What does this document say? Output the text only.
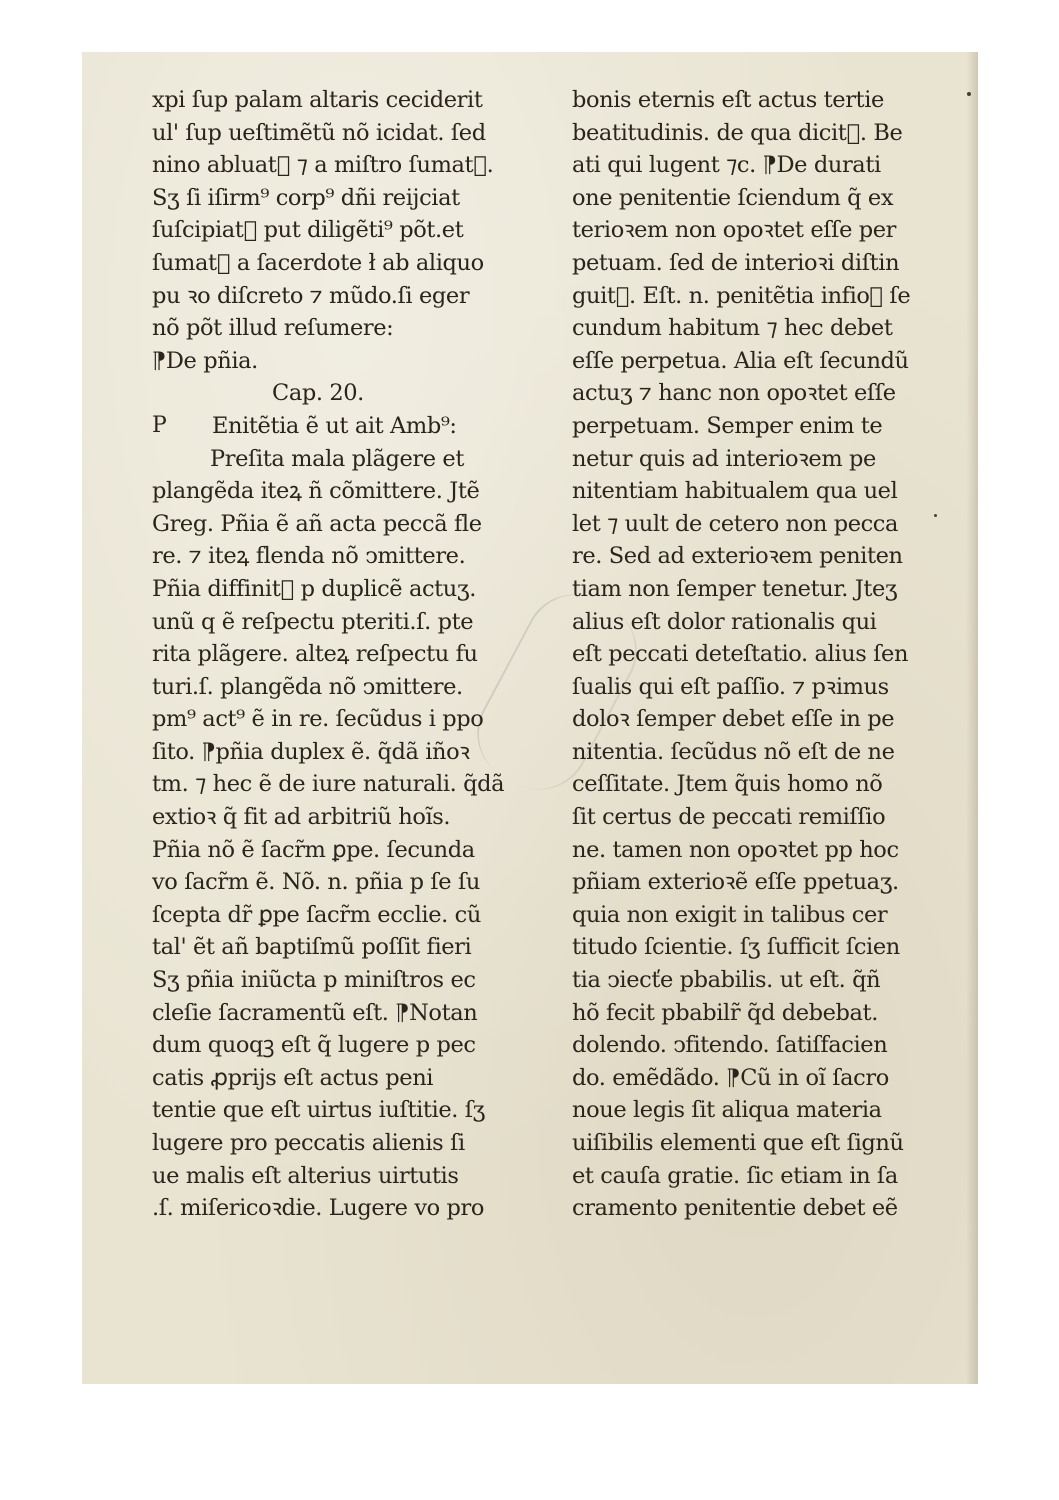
xpi ſup palam altaris ceciderit
ul' ſup ueſtimẽtũ nõ icidat. ſed
nino abluat᷑ ⁊ a miſtro ſumat᷑.
Sʒ ſi iſirm⁹ corp⁹ dñi reijciat
ſuſcipiat᷑ put diligẽti⁹ põt.et
ſumat᷑ a ſacerdote ł ab aliquo
pu ꝛo diſcreto ⁊ mũdo.ſi eger
nõ põt illud reſumere:
⁋De pñia.
Cap. 20.
P Enitẽtia ẽ ut ait Amb⁹:
Preſita mala plãgere et
plangẽda iteꝝ ñ cõmittere. Jtẽ
Greg. Pñia ẽ añ acta peccã fle
re. ⁊ iteꝝ flenda nõ ↄmittere.
Pñia diffinit᷑ p duplicẽ actuʒ.
unũ q ẽ reſpectu pteriti.ſ. pte
rita plãgere. alteꝝ reſpectu fu
turi.ſ. plangẽda nõ ↄmittere.
pm⁹ act⁹ ẽ in re. ſecũdus i ppo
ſito. ⁋pñia duplex ẽ. q̃dã iñoꝛ
tm. ⁊ hec ẽ de iure naturali. q̃dã
extioꝛ q̃ fit ad arbitriũ hoĩs.
Pñia nõ ẽ ſacr̃m ꝑpe. ſecunda
vo ſacr̃m ẽ. Nõ. n. pñia p ſe ſu
ſcepta dr̃ ꝑpe ſacr̃m ecclie. cũ
tal' ẽt añ baptiſmũ poſſit fieri
Sʒ pñia iniũcta p miniſtros ec
cleſie ſacramentũ eſt. ⁋Notan
dum quoqꝫ eſt q̃ lugere p pec
catis ꝓprijs eſt actus peni
tentie que eſt uirtus iuſtitie. ſʒ
lugere pro peccatis alienis ſi
ue malis eſt alterius uirtutis
.ſ. miſericoꝛdie. Lugere vo pro
bonis eternis eſt actus tertie
beatitudinis. de qua dicit᷑. Be
ati qui lugent ⁊c. ⁋De durati
one penitentie ſciendum q̃ ex
terioꝛem non opoꝛtet eſſe per
petuam. ſed de interioꝛi diſtin
guit᷑. Eſt. n. penitẽtia infioꝛ ſe
cundum habitum ⁊ hec debet
eſſe perpetua. Alia eſt ſecundũ
actuʒ ⁊ hanc non opoꝛtet eſſe
perpetuam. Semper enim te
netur quis ad interioꝛem pe
nitentiam habitualem qua uel
let ⁊ uult de cetero non pecca
re. Sed ad exterioꝛem peniten
tiam non ſemper tenetur. Jteʒ
alius eſt dolor rationalis qui
eſt peccati deteſtatio. alius ſen
ſualis qui eſt paſſio. ⁊ pꝛimus
doloꝛ ſemper debet eſſe in pe
nitentia. ſecũdus nõ eſt de ne
ceſſitate. Jtem q̃uis homo nõ
ſit certus de peccati remiſſio
ne. tamen non opoꝛtet pp hoc
pñiam exterioꝛẽ eſſe ppetuaʒ.
quia non exigit in talibus cer
titudo ſcientie. ſʒ ſufficit ſcien
tia ↄiecťe pbabilis. ut eſt. q̃ñ
hõ fecit pbabilr̃ q̃d debebat.
dolendo. ↄfitendo. ſatiſfacien
do. emẽdãdo. ⁋Cũ in oĩ ſacro
noue legis ſit aliqua materia
uiſibilis elementi que eſt ſignũ
et cauſa gratie. ſic etiam in ſa
cramento penitentie debet eẽ
